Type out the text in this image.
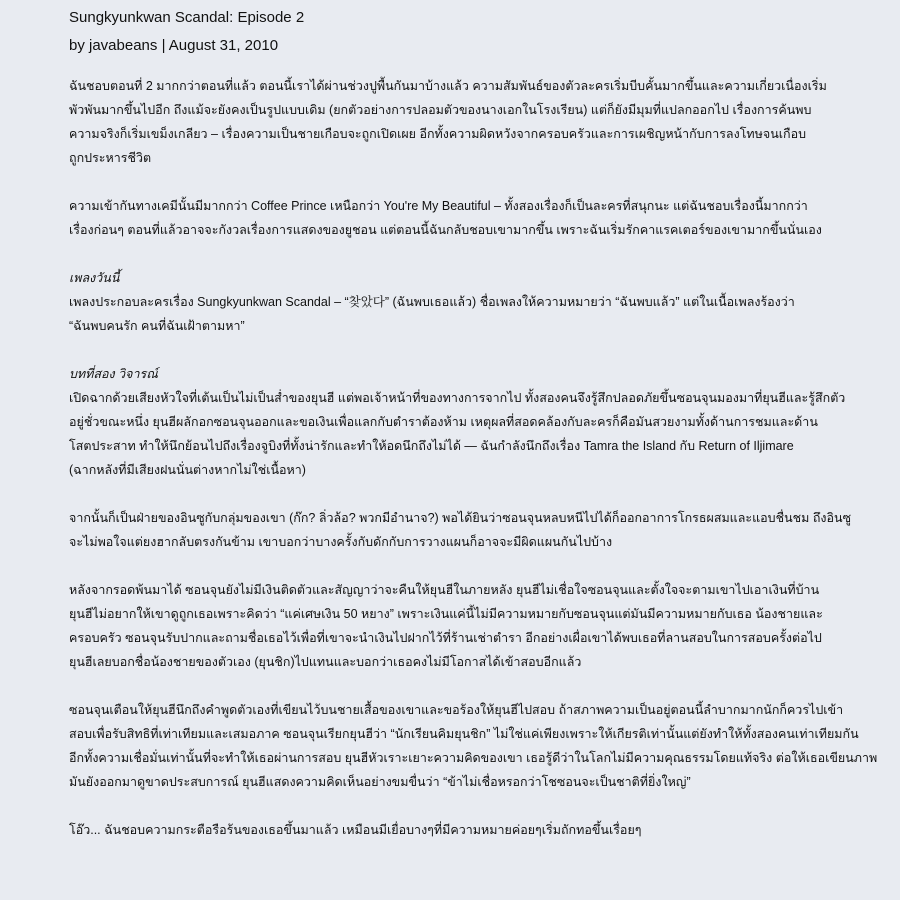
Sungkyunkwan Scandal: Episode 2
by javabeans | August 31, 2010
ฉันชอบตอนที่ 2 มากกว่าตอนที่แล้ว ตอนนี้เราได้ผ่านช่วงปูพื้นกันมาบ้างแล้ว ความสัมพันธ์ของตัวละครเริ่มบีบคั้นมากขึ้นและความเกี่ยวเนื่องเริ่ม
พัวพันมากขึ้นไปอีก ถึงแม้จะยังคงเป็นรูปแบบเดิม (ยกตัวอย่างการปลอมตัวของนางเอกในโรงเรียน) แต่ก็ยังมีมุมที่แปลกออกไป เรื่องการค้นพบ
ความจริงก็เริ่มเขม็งเกลียว – เรื่องความเป็นชายเกือบจะถูกเปิดเผย อีกทั้งความผิดหวังจากครอบครัวและการเผชิญหน้ากับการลงโทษจนเกือบ
ถูกประหารชีวิต
ความเข้ากันทางเคมีนั้นมีมากกว่า Coffee Prince เหนือกว่า You're My Beautiful – ทั้งสองเรื่องก็เป็นละครที่สนุกนะ แต่ฉันชอบเรื่องนี้มากกว่า
เรื่องก่อนๆ ตอนที่แล้วอาจจะกังวลเรื่องการแสดงของยูชอน แต่ตอนนี้ฉันกลับชอบเขามากขึ้น เพราะฉันเริ่มรักคาแรคเตอร์ของเขามากขึ้นนั่นเอง
เพลงวันนี้
เพลงประกอบละครเรื่อง Sungkyunkwan Scandal – “찾았다” (ฉันพบเธอแล้ว) ชื่อเพลงให้ความหมายว่า “ฉันพบแล้ว” แต่ในเนื้อเพลงร้องว่า
“ฉันพบคนรัก คนที่ฉันเฝ้าตามหา”
บทที่สอง วิจารณ์
เปิดฉากด้วยเสียงหัวใจที่เต้นเป็นไม่เป็นส่ำของยุนฮี แต่พอเจ้าหน้าที่ของทางการจากไป ทั้งสองคนจึงรู้สึกปลอดภัยขึ้นซอนจุนมองมาที่ยุนฮีและรู้สึกตัว
อยู่ชั่วขณะหนึ่ง ยุนฮีผลักอกซอนจุนออกและขอเงินเพื่อแลกกับตำราต้องห้าม เหตุผลที่สอดคล้องกับละครก็คือมันสวยงามทั้งด้านการชมและด้าน
โสตประสาท ทำให้นึกย้อนไปถึงเรื่องจูบิงที่ทั้งน่ารักและทำให้อดนึกถึงไม่ได้ — ฉันกำลังนึกถึงเรื่อง Tamra the Island กับ Return of Iljimare
(ฉากหลังที่มีเสียงฝนนั่นต่างหากไม่ใช่เนื้อหา)
จากนั้นก็เป็นฝ่ายของอินซูกับกลุ่มของเขา (ก๊ก? ลิ่วล้อ? พวกมีอำนาจ?) พอได้ยินว่าซอนจุนหลบหนีไปได้ก็ออกอาการโกรธผสมและแอบชื่นชม ถึงอินซู
จะไม่พอใจแต่ยงฮากลับตรงกันข้าม เขาบอกว่าบางครั้งกับดักกับการวางแผนก็อาจจะมีผิดแผนกันไปบ้าง
หลังจากรอดพ้นมาได้ ซอนจุนยังไม่มีเงินติดตัวและสัญญาว่าจะคืนให้ยุนฮีในภายหลัง ยุนฮีไม่เชื่อใจซอนจุนและตั้งใจจะตามเขาไปเอาเงินที่บ้าน
ยุนฮีไม่อยากให้เขาดูถูกเธอเพราะคิดว่า “แค่เศษเงิน 50 หยาง” เพราะเงินแค่นี้ไม่มีความหมายกับซอนจุนแต่มันมีความหมายกับเธอ น้องชายและ
ครอบครัว ซอนจุนรับปากและถามชื่อเธอไว้เพื่อที่เขาจะนำเงินไปฝากไว้ที่ร้านเช่าตำรา อีกอย่างเผื่อเขาได้พบเธอที่ลานสอบในการสอบครั้งต่อไป
ยุนฮีเลยบอกชื่อน้องชายของตัวเอง (ยุนชิก)ไปแทนและบอกว่าเธอคงไม่มีโอกาสได้เข้าสอบอีกแล้ว
ซอนจุนเตือนให้ยุนฮีนึกถึงคำพูดตัวเองที่เขียนไว้บนชายเสื้อของเขาและขอร้องให้ยุนฮีไปสอบ ถ้าสภาพความเป็นอยู่ตอนนี้ลำบากมากนักก็ควรไปเข้า
สอบเพื่อรับสิทธิที่เท่าเทียมและเสมอภาค ซอนจุนเรียกยุนฮีว่า “นักเรียนคิมยุนชิก” ไม่ใช่แค่เพียงเพราะให้เกียรติเท่านั้นแต่ยังทำให้ทั้งสองคนเท่าเทียมกัน
อีกทั้งความเชื่อมั่นเท่านั้นที่จะทำให้เธอผ่านการสอบ ยุนฮีหัวเราะเยาะความคิดของเขา เธอรู้ดีว่าในโลกไม่มีความคุณธรรมโดยแท้จริง ต่อให้เธอเขียนภาพ
มันยังออกมาดูขาดประสบการณ์ ยุนฮีแสดงความคิดเห็นอย่างขมขื่นว่า “ข้าไม่เชื่อหรอกว่าโชซอนจะเป็นชาติที่ยิ่งใหญ่”
โอ๊ว... ฉันชอบความกระตือรือร้นของเธอขึ้นมาแล้ว เหมือนมีเยื่อบางๆที่มีความหมายค่อยๆเริ่มถักทอขึ้นเรื่อยๆ
